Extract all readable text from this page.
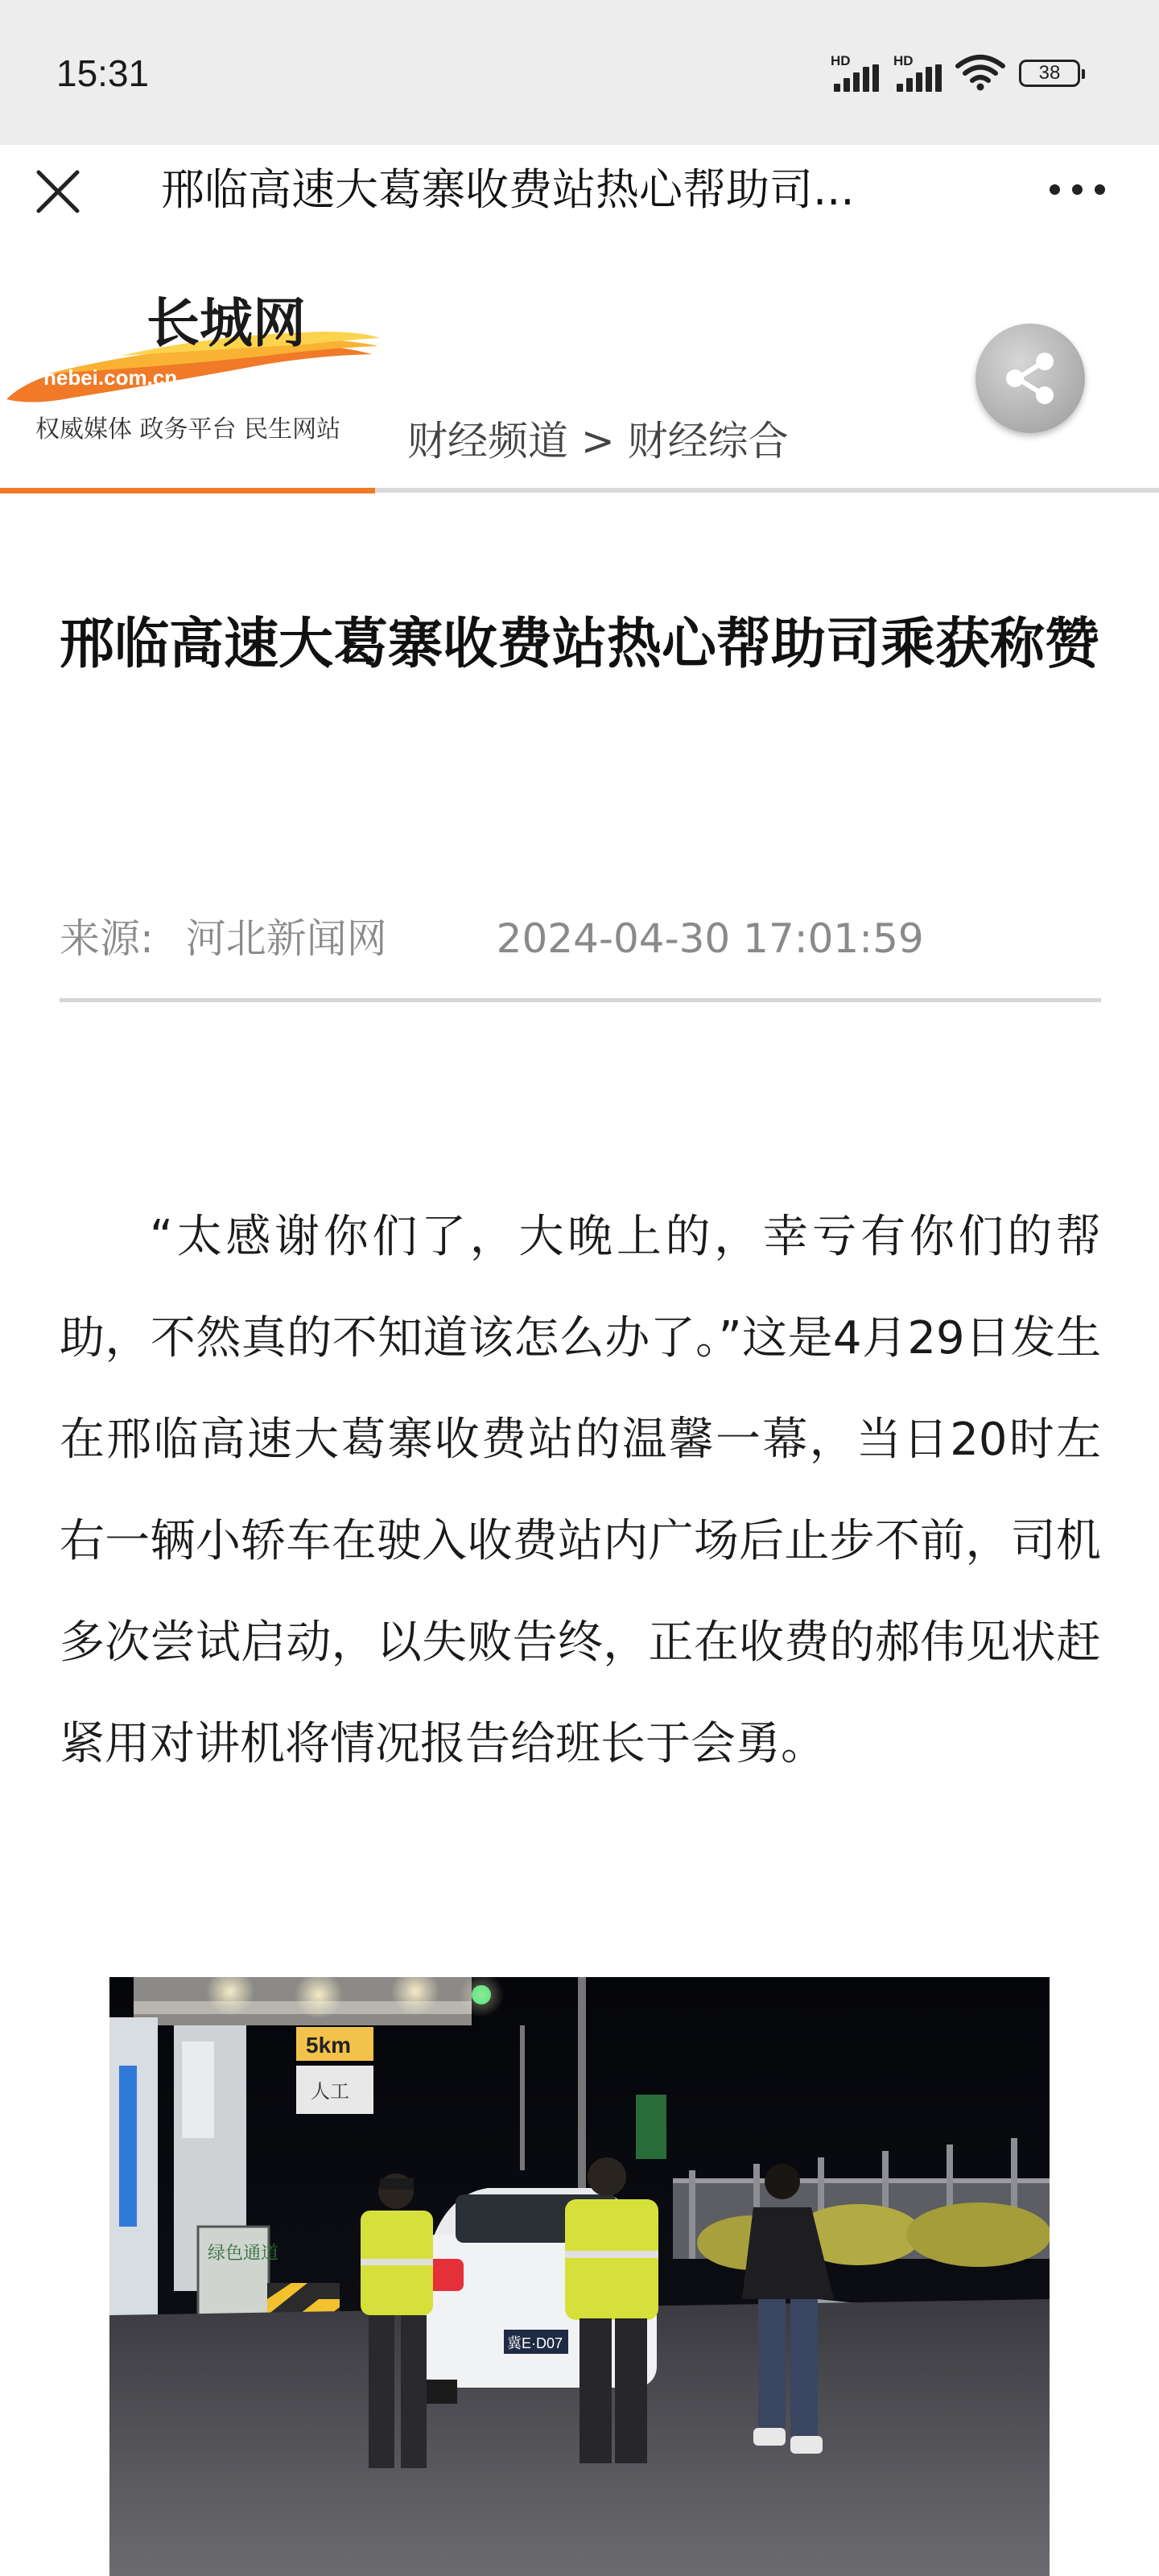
15:31	HD	HD
38
邢临高速大葛寨收费站热心帮助司...
长城网
hebei.com.cn
权威媒体 政务平台 民生网站 财经频道 > 财经综合
邢临高速大葛寨收费站热心帮助司乘获称赞
来源: 河北新闻网	2024-04-30 17:01:59

“太感谢你们了，大晚上的，幸亏有你们的帮助，不然真的不知道该怎么办了。”这是4月29日发生在邢临高速大葛寨收费站的温馨一幕，当日20时左右一辆小轿车在驶入收费站内广场后止步不前，司机多次尝试启动，以失败告终，正在收费的郝伟见状赶紧用对讲机将情况报告给班长于会勇。

5km
人工
绿色通道
冀E·D07
